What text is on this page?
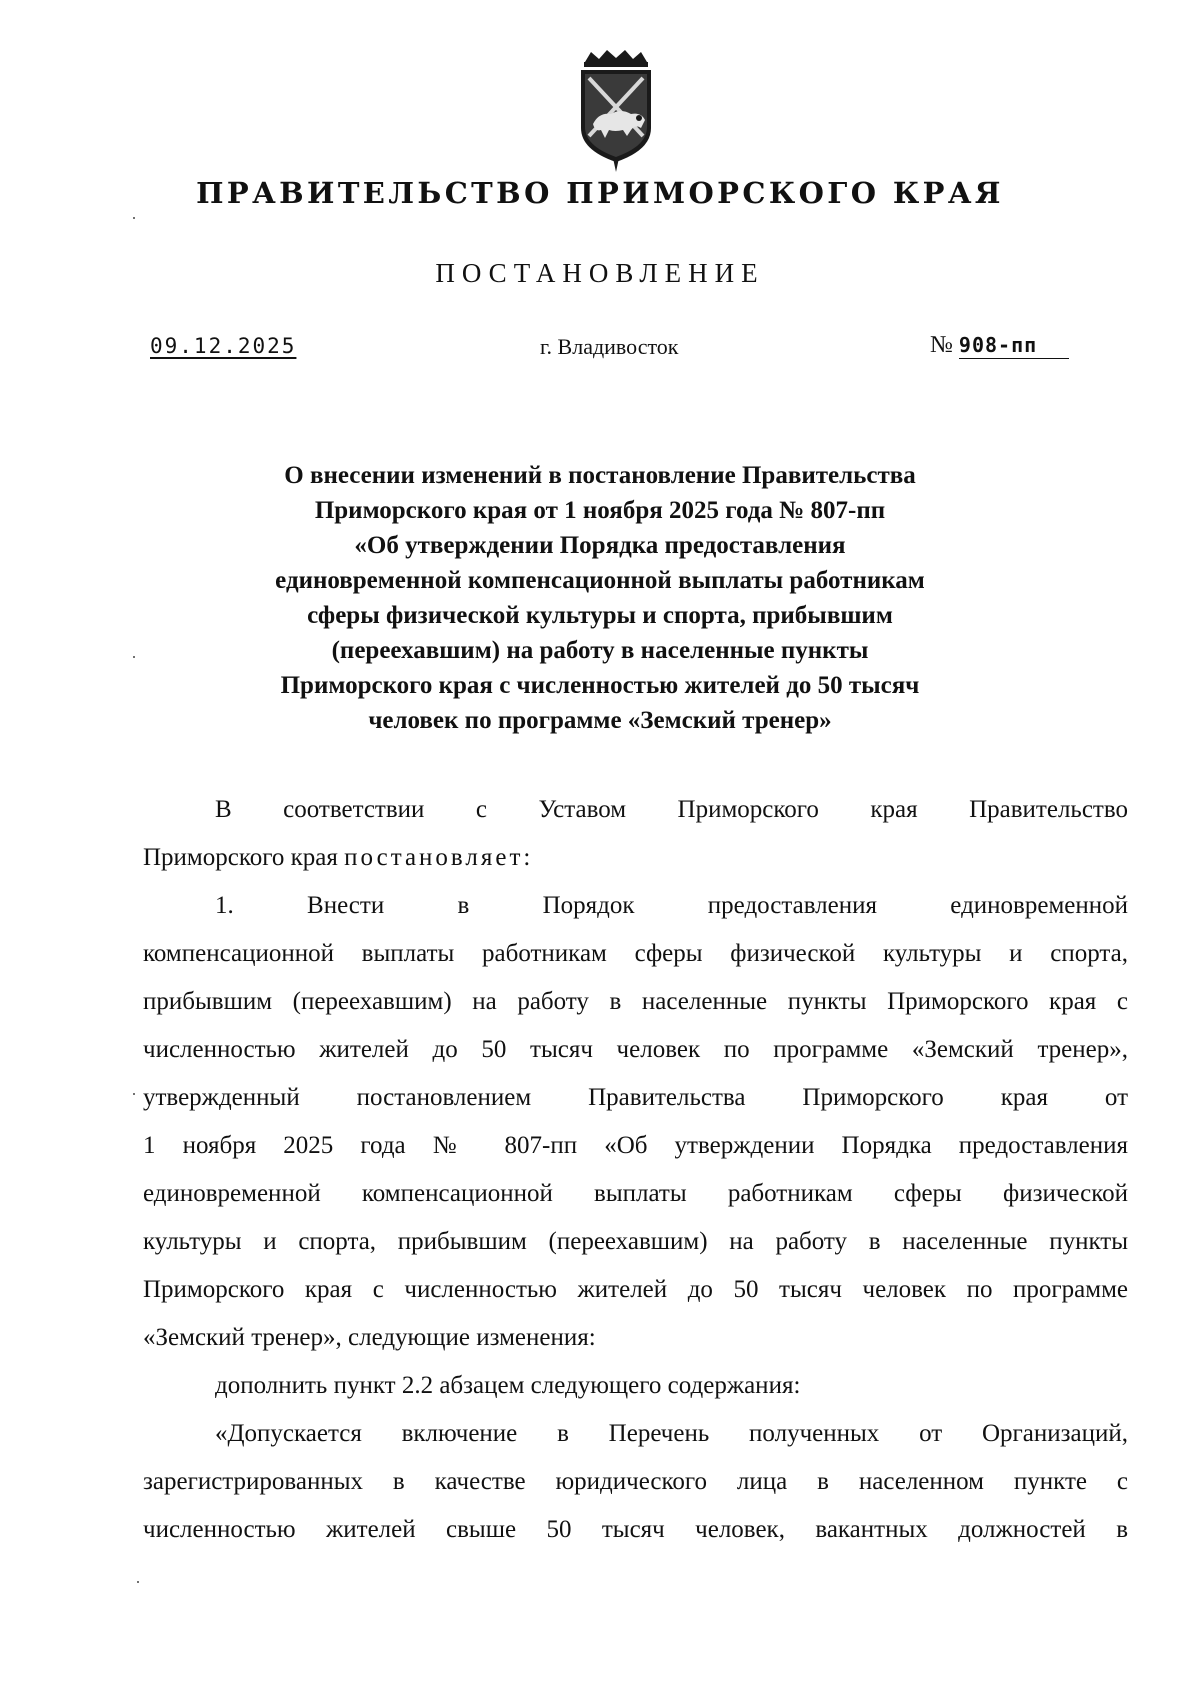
ПРАВИТЕЛЬСТВО ПРИМОРСКОГО КРАЯ
ПОСТАНОВЛЕНИЕ
09.12.2025	г. Владивосток	№ 908-пп
О внесении изменений в постановление Правительства
Приморского края от 1 ноября 2025 года № 807-пп
«Об утверждении Порядка предоставления
единовременной компенсационной выплаты работникам
сферы физической культуры и спорта, прибывшим
(переехавшим) на работу в населенные пункты
Приморского края с численностью жителей до 50 тысяч
человек по программе «Земский тренер»
В соответствии с Уставом Приморского края Правительство
Приморского края постановляет:
1. Внести в Порядок предоставления единовременной
компенсационной выплаты работникам сферы физической культуры и спорта,
прибывшим (переехавшим) на работу в населенные пункты Приморского края с
численностью жителей до 50 тысяч человек по программе «Земский тренер»,
утвержденный постановлением Правительства Приморского края от
1 ноября 2025 года № 807-пп «Об утверждении Порядка предоставления
единовременной компенсационной выплаты работникам сферы физической
культуры и спорта, прибывшим (переехавшим) на работу в населенные пункты
Приморского края с численностью жителей до 50 тысяч человек по программе
«Земский тренер», следующие изменения:
дополнить пункт 2.2 абзацем следующего содержания:
«Допускается включение в Перечень полученных от Организаций,
зарегистрированных в качестве юридического лица в населенном пункте с
численностью жителей свыше 50 тысяч человек, вакантных должностей в
